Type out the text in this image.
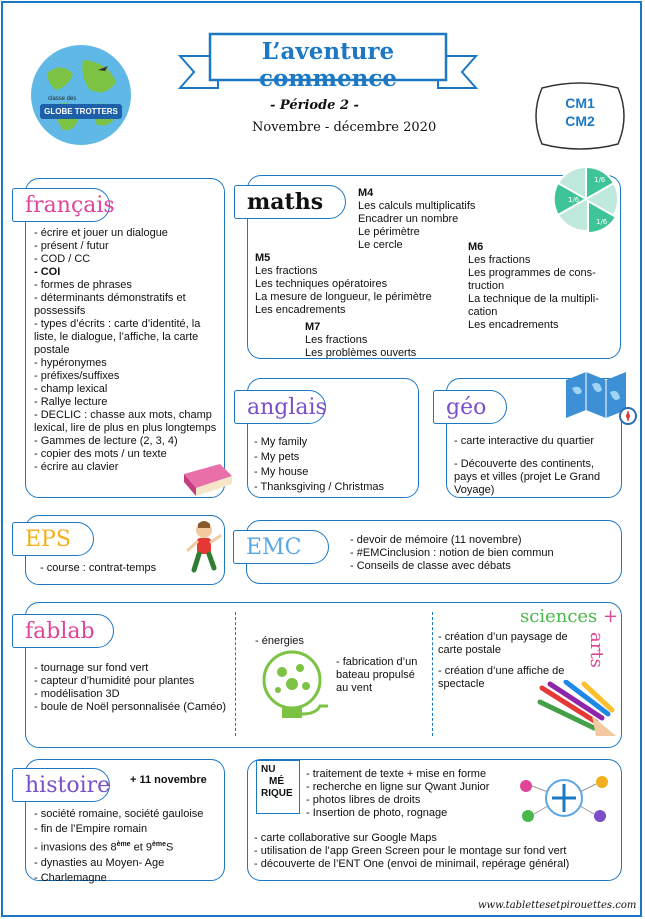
GLOBE TROTTERS
classe des
L’aventure commence
- Période 2 -
Novembre - décembre 2020
CM1
CM2
français
- écrire et jouer un dialogue
- présent / futur
- COD / CC
- COI
- formes de phrases
- déterminants démonstratifs et possessifs
- types d’écrits : carte d’identité, la liste, le dialogue, l’affiche, la carte postale
- hypéronymes
- préfixes/suffixes
- champ lexical
- Rallye lecture
- DECLIC : chasse aux mots, champ lexical, lire de plus en plus longtemps
- Gammes de lecture (2, 3, 4)
- copier des mots / un texte
- écrire au clavier
maths	M4
Les calculs multiplicatifs
Encadrer un nombre
Le périmètre
Le cercle
M5
Les fractions
Les techniques opératoires
La mesure de longueur, le périmètre
Les encadrements
M6
Les fractions
Les programmes de cons-
truction
La technique de la multipli-
cation
Les encadrements
M7
Les fractions
Les problèmes ouverts
1/6
1/6
1/6
anglais
- My family
- My pets
- My house
- Thanksgiving / Christmas
géo
- carte interactive du quartier
- Découverte des continents, pays et villes (projet Le Grand Voyage)
EPS
- course : contrat-temps
EMC
-	devoir de mémoire (11 novembre)
- #EMCinclusion : notion de bien commun
- Conseils de classe avec débats
fablab
- tournage sur fond vert
- capteur d’humidité pour plantes
- modélisation 3D
- boule de Noël personnalisée (Caméo)
- énergies
- fabrication d’un bateau propulsé au vent
sciences +
arts
- création d’un paysage de carte postale
- création d’une affiche de spectacle
histoire + 11 novembre
- société romaine, société gauloise
- fin de l’Empire romain
- invasions des 8ème et 9èmeS
- dynasties au Moyen- Age
- Charlemagne
NU
MÉ
RIQUE
- traitement de texte + mise en forme
- recherche en ligne sur Qwant Junior
- photos libres de droits
- Insertion de photo, rognage
- carte collaborative sur Google Maps
- utilisation de l’app Green Screen pour le montage sur fond vert
- découverte de l’ENT One (envoi de minimail, repérage général)
www.tablettesetpirouettes.com
